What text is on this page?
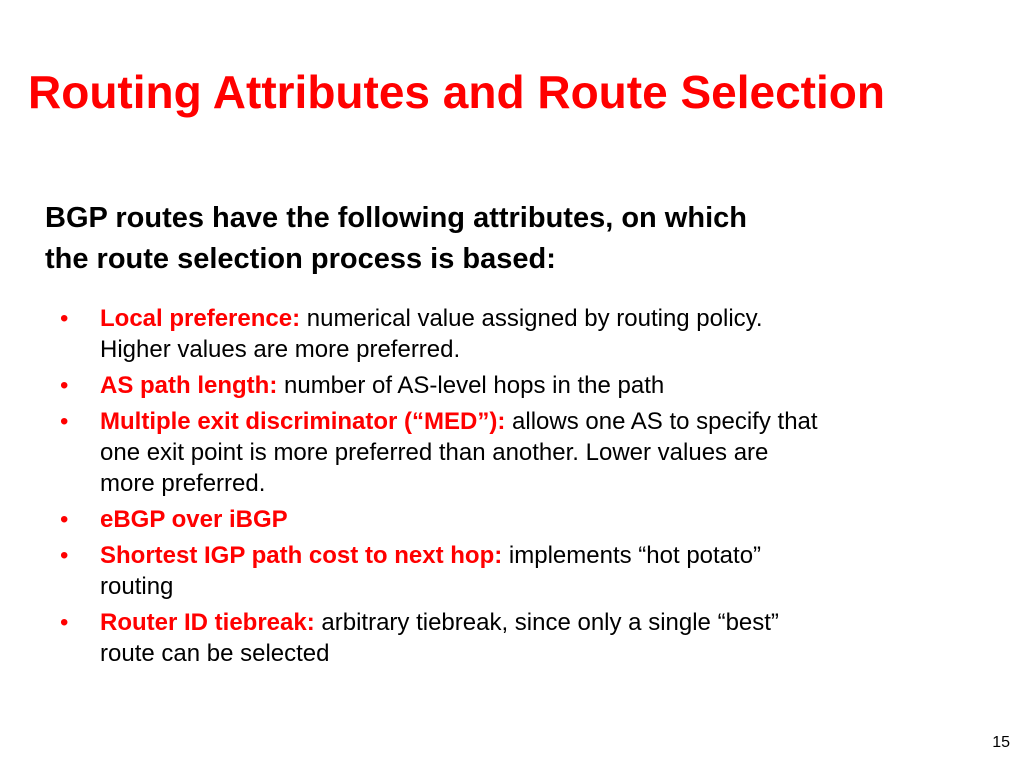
Routing Attributes and Route Selection

BGP routes have the following attributes, on which
the route selection process is based:

• Local preference: numerical value assigned by routing policy.
Higher values are more preferred.
• AS path length: number of AS-level hops in the path
• Multiple exit discriminator (“MED”): allows one AS to specify that
one exit point is more preferred than another. Lower values are
more preferred.
• eBGP over iBGP
• Shortest IGP path cost to next hop: implements “hot potato”
routing
• Router ID tiebreak: arbitrary tiebreak, since only a single “best”
route can be selected
15
